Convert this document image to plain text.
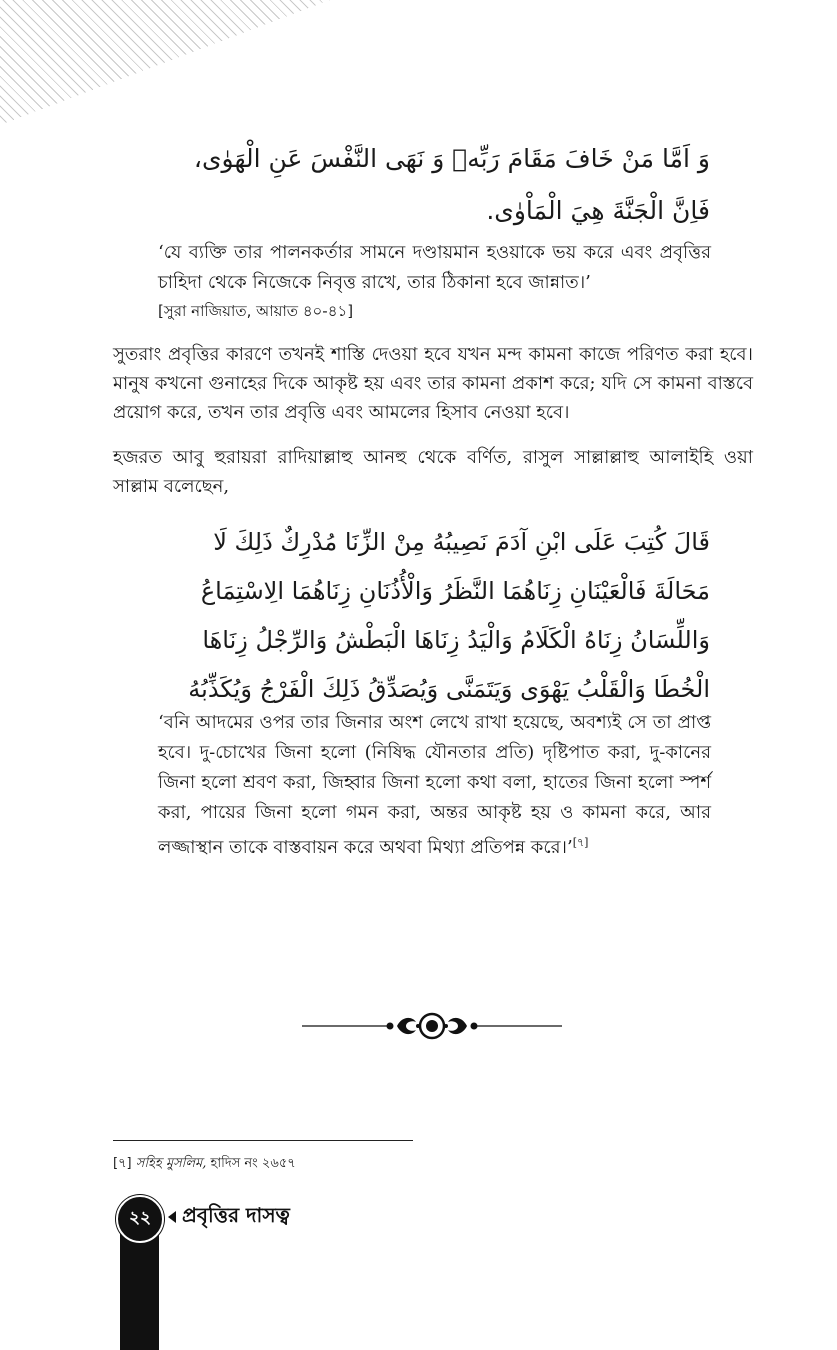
وَ اَمَّا مَنْ خَافَ مَقَامَ رَبِّهٖ وَ نَهَى النَّفْسَ عَنِ الْهَوٰى، فَاِنَّ الْجَنَّةَ هِيَ الْمَاْوٰى.
‘যে ব্যক্তি তার পালনকর্তার সামনে দণ্ডায়মান হওয়াকে ভয় করে এবং প্রবৃত্তির চাহিদা থেকে নিজেকে নিবৃত্ত রাখে, তার ঠিকানা হবে জান্নাত।’
[সুরা নাজিয়াত, আয়াত ৪০-৪১]
সুতরাং প্রবৃত্তির কারণে তখনই শাস্তি দেওয়া হবে যখন মন্দ কামনা কাজে পরিণত করা হবে। মানুষ কখনো গুনাহের দিকে আকৃষ্ট হয় এবং তার কামনা প্রকাশ করে; যদি সে কামনা বাস্তবে প্রয়োগ করে, তখন তার প্রবৃত্তি এবং আমলের হিসাব নেওয়া হবে।
হজরত আবু হুরায়রা রাদিয়াল্লাহু আনহু থেকে বর্ণিত, রাসুল সাল্লাল্লাহু আলাইহি ওয়া সাল্লাম বলেছেন,
قَالَ كُتِبَ عَلَى ابْنِ آدَمَ نَصِيبُهُ مِنْ الزِّنَا مُدْرِكٌ ذَلِكَ لَا مَحَالَةَ فَالْعَيْنَانِ زِنَاهُمَا النَّظَرُ وَالْأُذُنَانِ زِنَاهُمَا الِاسْتِمَاعُ وَاللِّسَانُ زِنَاهُ الْكَلَامُ وَالْيَدُ زِنَاهَا الْبَطْشُ وَالرِّجْلُ زِنَاهَا الْخُطَا وَالْقَلْبُ يَهْوَى وَيَتَمَنَّى وَيُصَدِّقُ ذَلِكَ الْفَرْجُ وَيُكَذِّبُهُ
‘বনি আদমের ওপর তার জিনার অংশ লেখে রাখা হয়েছে, অবশ্যই সে তা প্রাপ্ত হবে। দু-চোখের জিনা হলো (নিষিদ্ধ যৌনতার প্রতি) দৃষ্টিপাত করা, দু-কানের জিনা হলো শ্রবণ করা, জিহ্বার জিনা হলো কথা বলা, হাতের জিনা হলো স্পর্শ করা, পায়ের জিনা হলো গমন করা, অন্তর আকৃষ্ট হয় ও কামনা করে, আর লজ্জাস্থান তাকে বাস্তবায়ন করে অথবা মিথ্যা প্রতিপন্ন করে।’[৭]
[৭] সহিহ মুসলিম, হাদিস নং ২৬৫৭
২২	প্রবৃত্তির দাসত্ব
